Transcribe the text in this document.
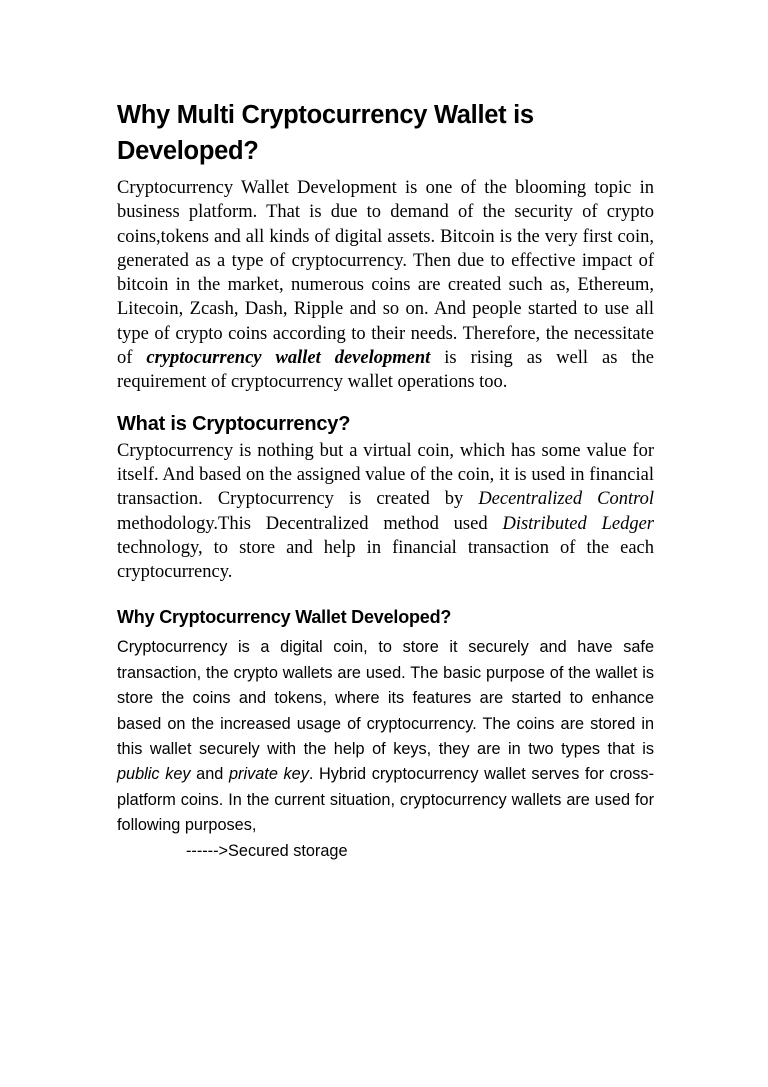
Why Multi Cryptocurrency Wallet is Developed?

Cryptocurrency Wallet Development is one of the blooming topic in business platform. That is due to demand of the security of crypto coins,tokens and all kinds of digital assets. Bitcoin is the very first coin, generated as a type of cryptocurrency. Then due to effective impact of bitcoin in the market, numerous coins are created such as, Ethereum, Litecoin, Zcash, Dash, Ripple and so on. And people started to use all type of crypto coins according to their needs. Therefore, the necessitate of cryptocurrency wallet development is rising as well as the requirement of cryptocurrency wallet operations too.

What is Cryptocurrency?

Cryptocurrency is nothing but a virtual coin, which has some value for itself. And based on the assigned value of the coin, it is used in financial transaction. Cryptocurrency is created by Decentralized Control methodology.This Decentralized method used Distributed Ledger technology, to store and help in financial transaction of the each cryptocurrency.

Why Cryptocurrency Wallet Developed?

Cryptocurrency is a digital coin, to store it securely and have safe transaction, the crypto wallets are used. The basic purpose of the wallet is store the coins and tokens, where its features are started to enhance based on the increased usage of cryptocurrency. The coins are stored in this wallet securely with the help of keys, they are in two types that is public key and private key. Hybrid cryptocurrency wallet serves for cross-platform coins. In the current situation, cryptocurrency wallets are used for following purposes,

------>Secured storage
